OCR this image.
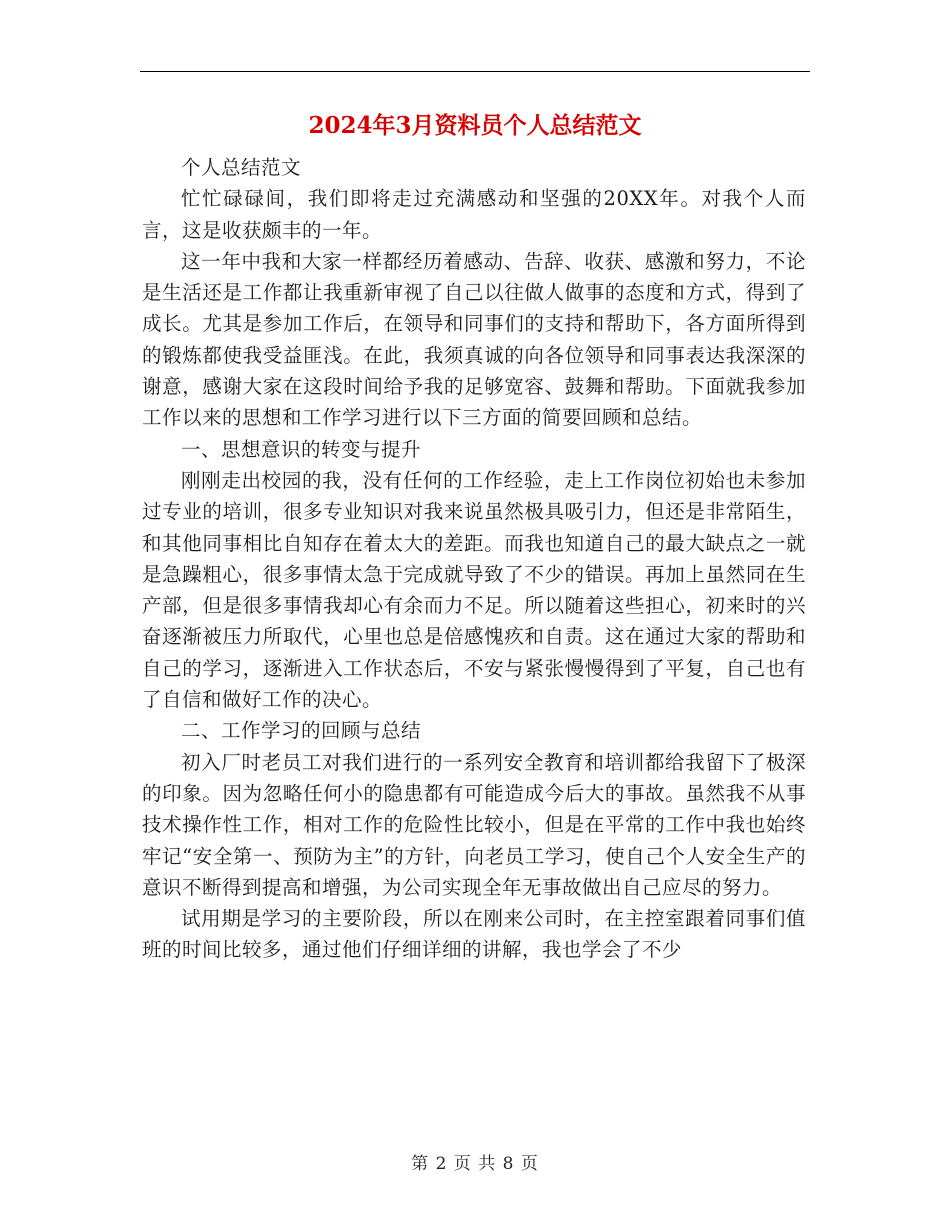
2024年3月资料员个人总结范文

个人总结范文

忙忙碌碌间，我们即将走过充满感动和坚强的20XX年。对我个人而言，这是收获颇丰的一年。

这一年中我和大家一样都经历着感动、告辞、收获、感激和努力，不论是生活还是工作都让我重新审视了自己以往做人做事的态度和方式，得到了成长。尤其是参加工作后，在领导和同事们的支持和帮助下，各方面所得到的锻炼都使我受益匪浅。在此，我须真诚的向各位领导和同事表达我深深的谢意，感谢大家在这段时间给予我的足够宽容、鼓舞和帮助。下面就我参加工作以来的思想和工作学习进行以下三方面的简要回顾和总结。

一、思想意识的转变与提升

刚刚走出校园的我，没有任何的工作经验，走上工作岗位初始也未参加过专业的培训，很多专业知识对我来说虽然极具吸引力，但还是非常陌生，和其他同事相比自知存在着太大的差距。而我也知道自己的最大缺点之一就是急躁粗心，很多事情太急于完成就导致了不少的错误。再加上虽然同在生产部，但是很多事情我却心有余而力不足。所以随着这些担心，初来时的兴奋逐渐被压力所取代，心里也总是倍感愧疚和自责。这在通过大家的帮助和自己的学习，逐渐进入工作状态后，不安与紧张慢慢得到了平复，自己也有了自信和做好工作的决心。

二、工作学习的回顾与总结

初入厂时老员工对我们进行的一系列安全教育和培训都给我留下了极深的印象。因为忽略任何小的隐患都有可能造成今后大的事故。虽然我不从事技术操作性工作，相对工作的危险性比较小，但是在平常的工作中我也始终牢记“安全第一、预防为主”的方针，向老员工学习，使自己个人安全生产的意识不断得到提高和增强，为公司实现全年无事故做出自己应尽的努力。

试用期是学习的主要阶段，所以在刚来公司时，在主控室跟着同事们值班的时间比较多，通过他们仔细详细的讲解，我也学会了不少

第 2 页 共 8 页
